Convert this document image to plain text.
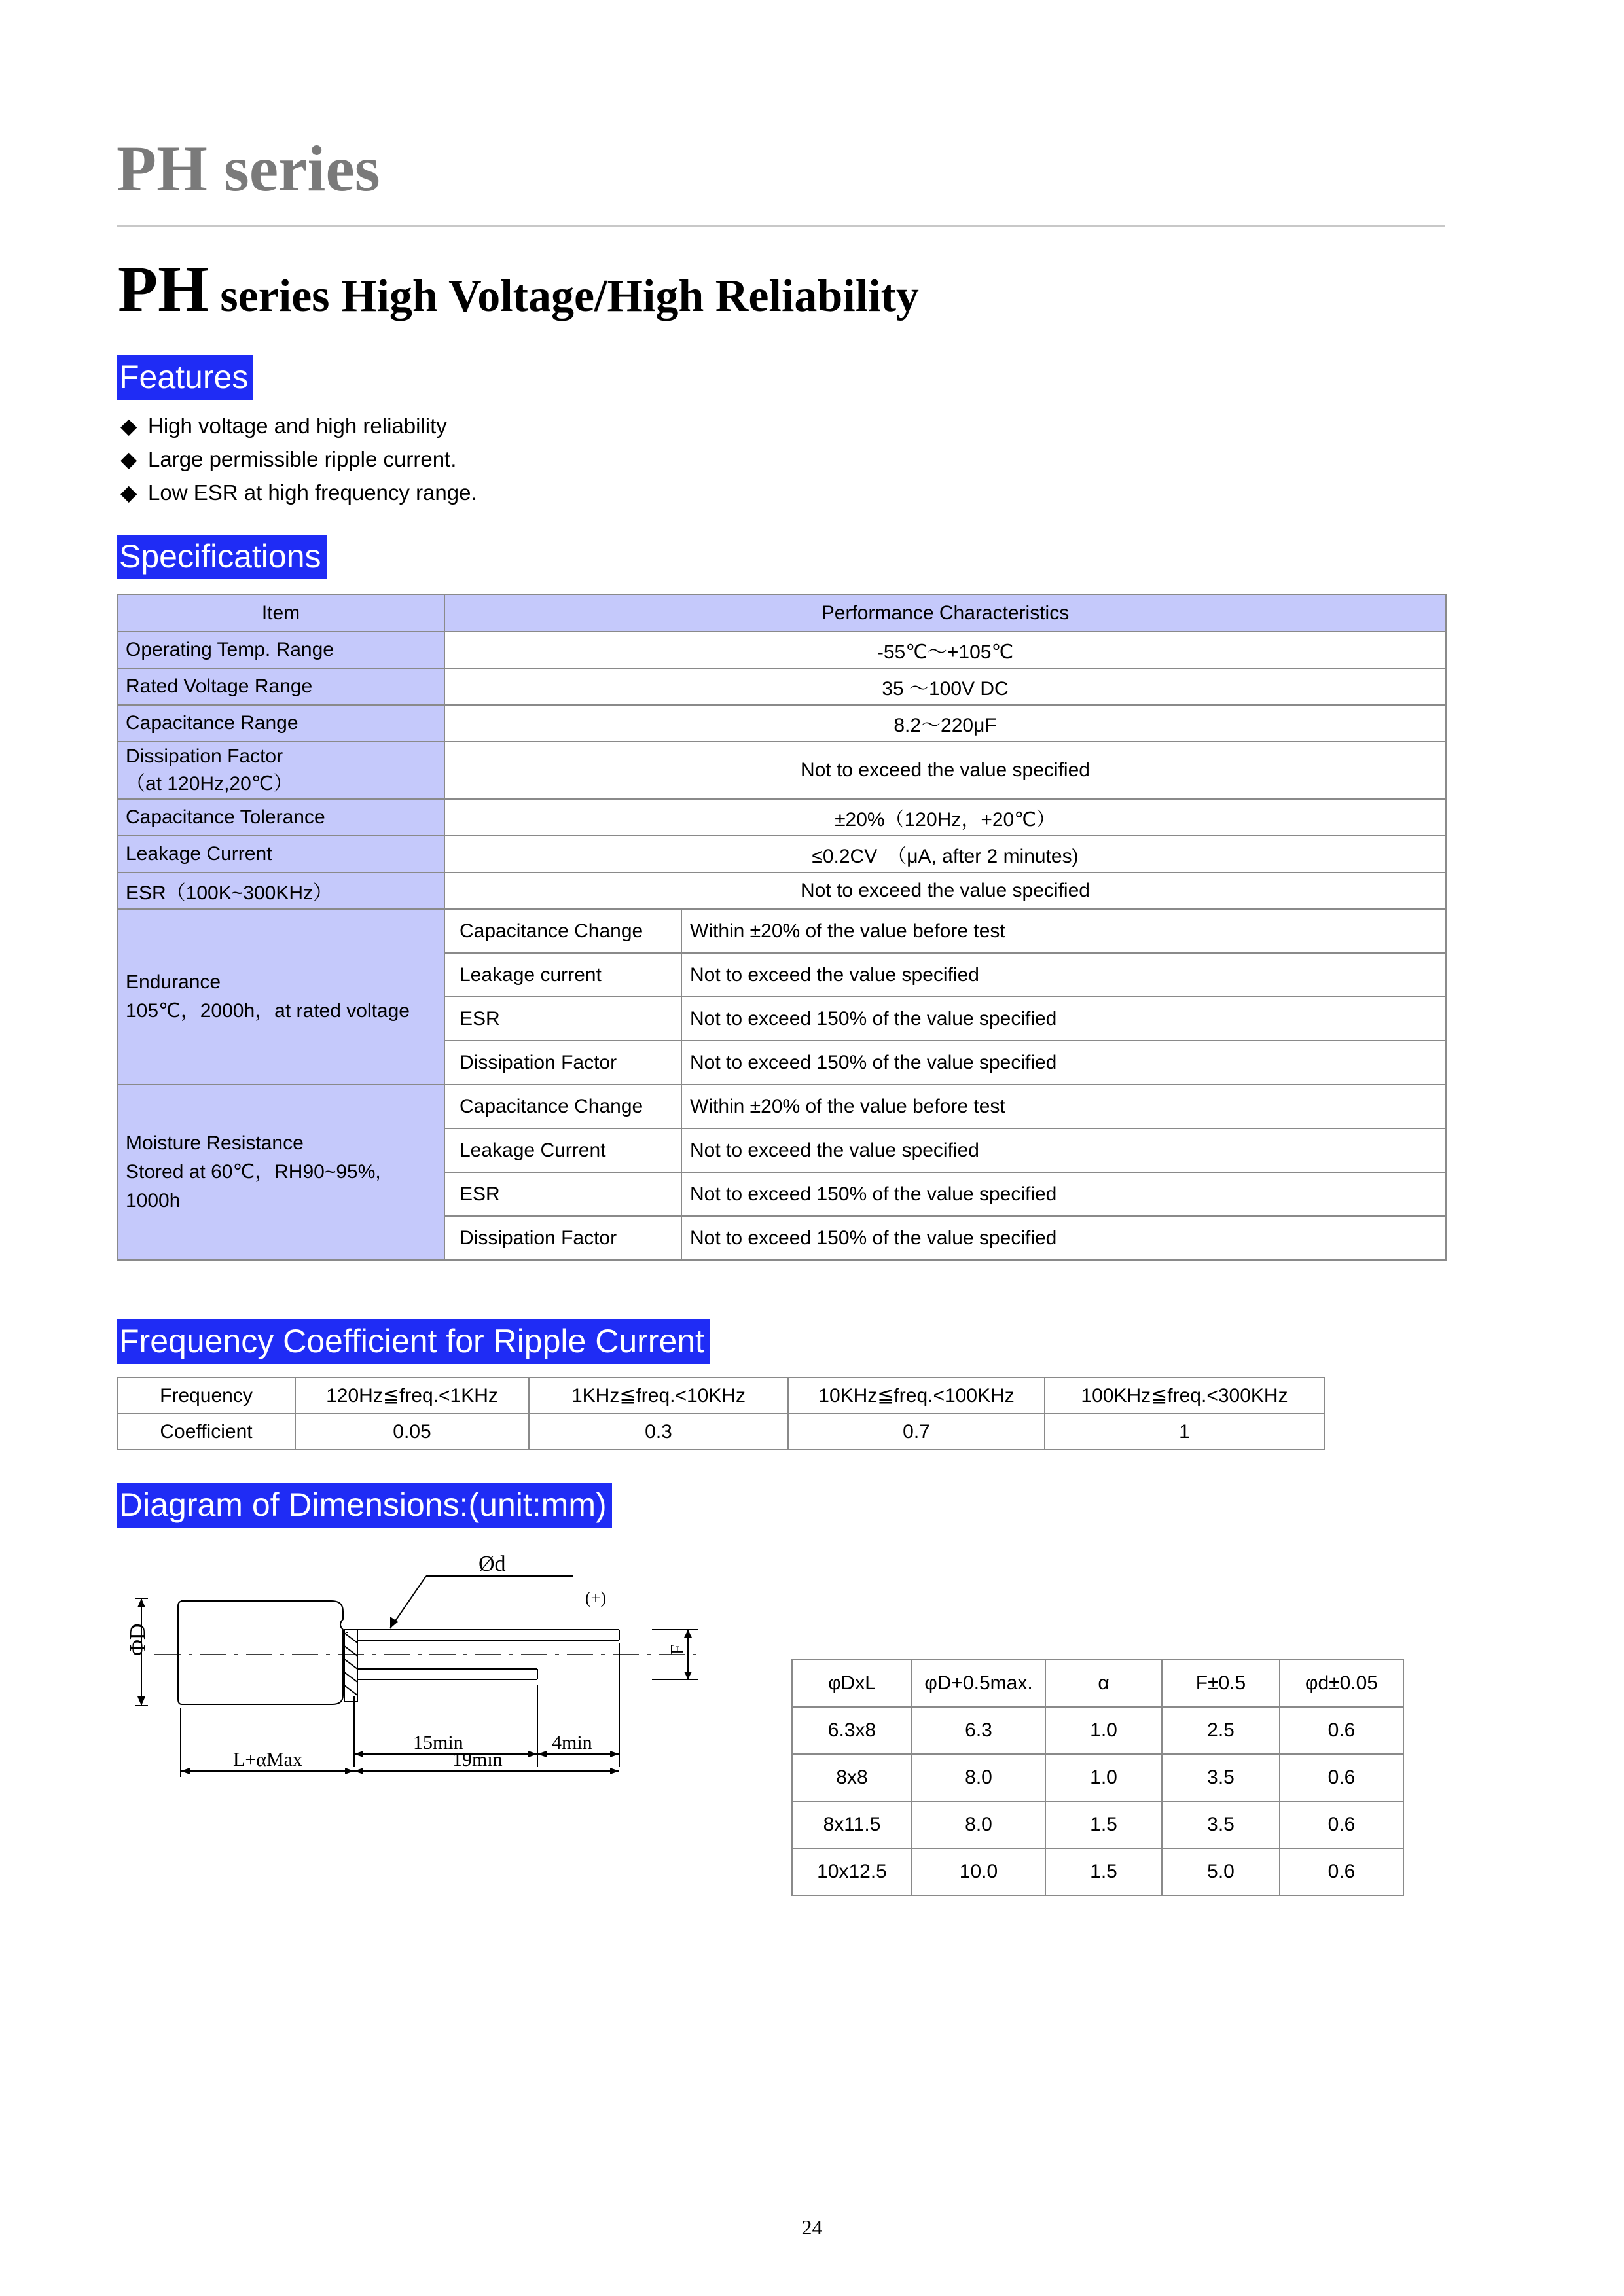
PH series
PH series High Voltage/High Reliability
Features
◆ High voltage and high reliability
◆ Large permissible ripple current.
◆ Low ESR at high frequency range.
Specifications
Item	Performance Characteristics	
Operating Temp. Range	-55℃～+105℃	
Rated Voltage Range	35 ～100V DC	
Capacitance Range	8.2～220μF	

Dissipation Factor
（at 120Hz,20℃）	Not to exceed the value specified	
Capacitance Tolerance	±20%（120Hz，+20℃）	
Leakage Current	≤0.2CV　（μA, after 2 minutes)	
ESR（100K~300KHz）	Not to exceed the value specified	

Endurance
105℃，2000h，at rated voltage	Capacitance Change	Within ±20% of the value before test
	Leakage current	Not to exceed the value specified
	ESR	Not to exceed 150% of the value specified
	Dissipation Factor	Not to exceed 150% of the value specified

Moisture Resistance
Stored at 60℃，RH90~95%,
1000h	Capacitance Change	Within ±20% of the value before test
	Leakage Current	Not to exceed the value specified
	ESR	Not to exceed 150% of the value specified
	Dissipation Factor	Not to exceed 150% of the value specified
Frequency Coefficient for Ripple Current
Frequency	120Hz≦freq.<1KHz	1KHz≦freq.<10KHz	10KHz≦freq.<100KHz	100KHz≦freq.<300KHz
Coefficient	0.05	0.3	0.7	1
Diagram of Dimensions:(unit:mm)
Ød
(+)
ΦD	F
15min	4min
L+αMax	19min
φDxL	φD+0.5max.	α	F±0.5	φd±0.05
6.3x8	6.3	1.0	2.5	0.6
8x8	8.0	1.0	3.5	0.6
8x11.5	8.0	1.5	3.5	0.6
10x12.5	10.0	1.5	5.0	0.6
24
